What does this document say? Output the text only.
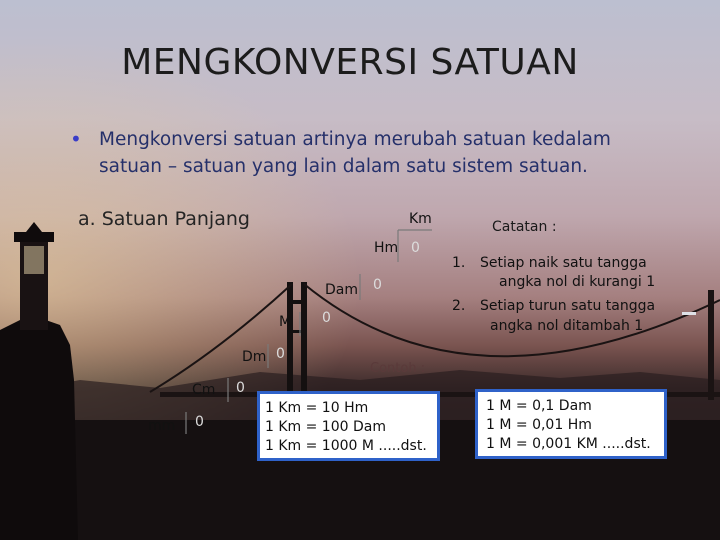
MENGKONVERSI SATUAN
• Mengkonversi satuan artinya merubah satuan kedalam satuan – satuan yang lain dalam satu sistem satuan.
a. Satuan Panjang	Km
Hm 0
Dam 0
M 0
Dm 0
Cm 0
mm 0
Catatan :
1. Setiap naik satu tangga
angka nol di kurangi 1
2. Setiap turun satu tangga
angka nol ditambah 1
Contoh :
1 Km = 10 Hm
1 Km = 100 Dam
1 Km = 1000 M .....dst.
1 M = 0,1 Dam
1 M = 0,01 Hm
1 M = 0,001 KM .....dst.
